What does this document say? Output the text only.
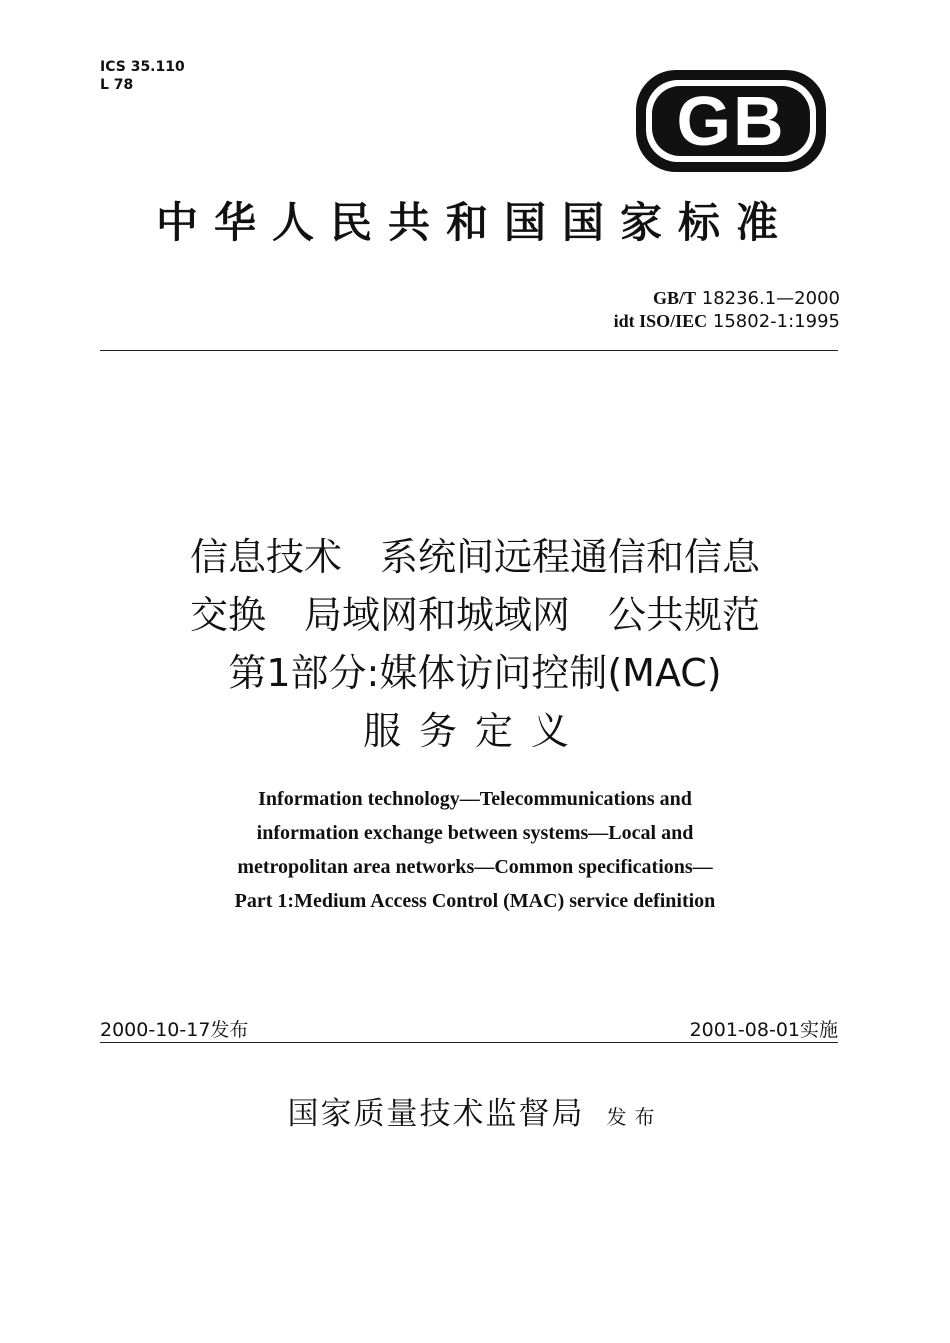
ICS 35.110
L 78	GB
中华人民共和国国家标准
GB/T 18236.1—2000
idt ISO/IEC 15802-1:1995
信息技术　系统间远程通信和信息
交换　局域网和城域网　公共规范
第1部分:媒体访问控制(MAC)
服务定义
Information technology—Telecommunications and
information exchange between systems—Local and
metropolitan area networks—Common specifications—
Part 1:Medium Access Control (MAC) service definition
2000-10-17发布	2001-08-01实施
国家质量技术监督局 发布
